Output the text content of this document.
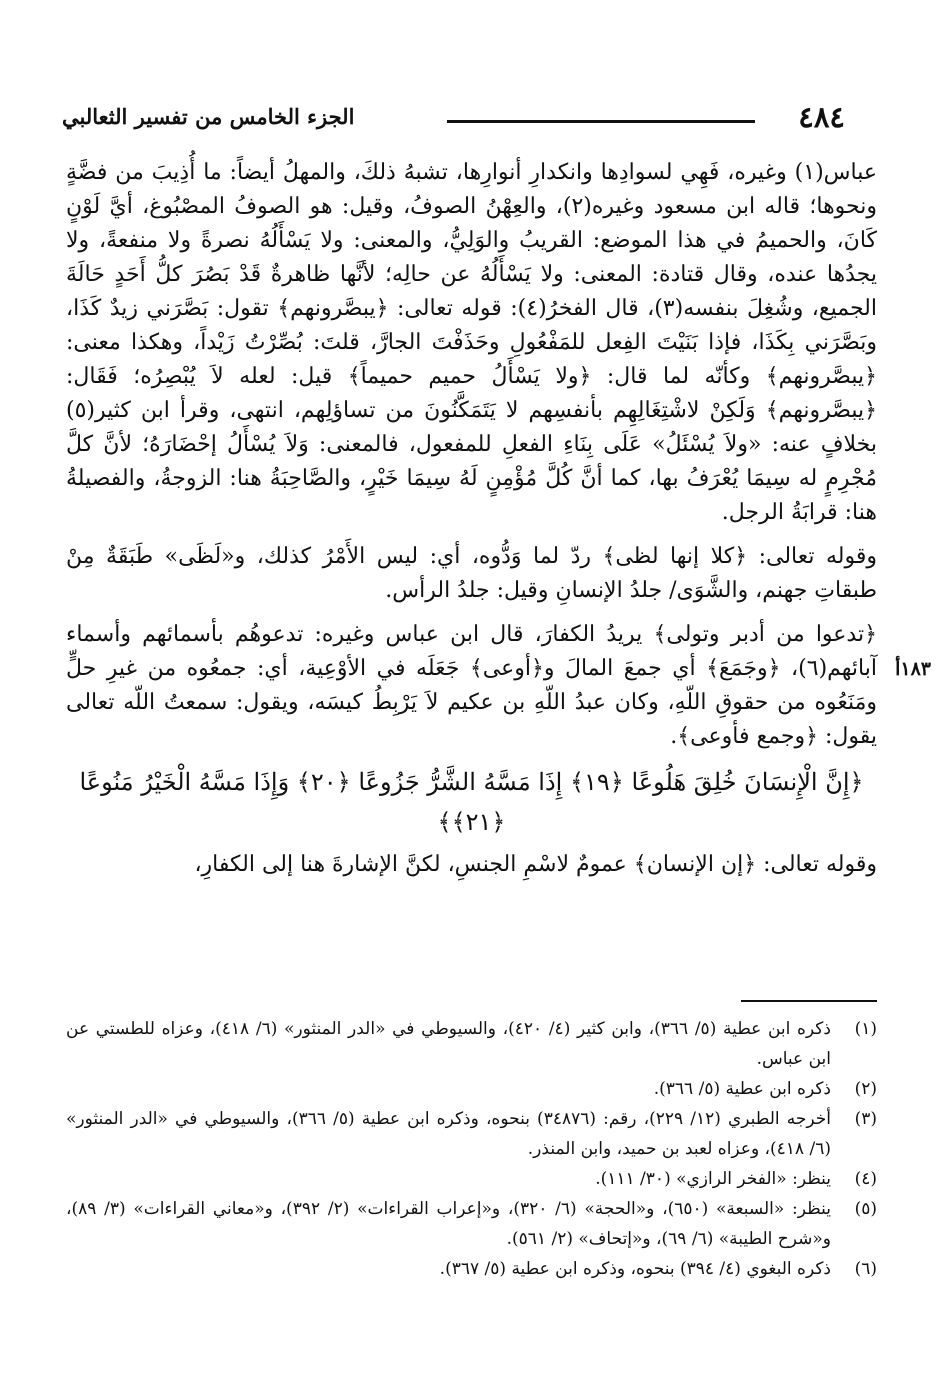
٤٨٤
الجزء الخامس من تفسير الثعالبي

عباس(١) وغيره، فَهِي لسوادِها وانكدارِ أنوارِها، تشبهُ ذلكَ، والمهلُ أيضاً: ما أُذِيبَ من فضَّةٍ ونحوها؛ قاله ابن مسعود وغيره(٢)، والعِهْنُ الصوفُ، وقيل: هو الصوفُ المصْبُوغ، أيَّ لَوْنٍ كَانَ، والحميمُ في هذا الموضع: القريبُ والوَلِيُّ، والمعنى: ولا يَسْأَلُهُ نصرةً ولا منفعةً، ولا يجدُها عنده، وقال قتادة: المعنى: ولا يَسْأَلُهُ عن حالِه؛ لأنَّها ظاهرةٌ قَدْ بَصُرَ كلُّ أَحَدٍ حَالَةَ الجميع، وشُغِلَ بنفسه(٣)، قال الفخرُ(٤): قوله تعالى: ﴿يبصَّرونهم﴾ تقول: بَصَّرَني زيدٌ كَذَا، وبَصَّرَني بِكَذَا، فإذا بَنَيْتَ الفِعل للمَفْعُولِ وحَذَفْتَ الجارَّ، قلتَ: بُصِّرْتُ زَيْداً، وهكذا معنى: ﴿يبصَّرونهم﴾ وكأنّه لما قال: ﴿ولا يَسْأَلُ حميم حميماً﴾ قيل: لعله لاَ يُبْصِرُه؛ فَقَال: ﴿يبصَّرونهم﴾ وَلَكِنْ لاشْتِغَالِهِم بأنفسِهم لا يَتَمَكَّنُونَ من تساؤلِهم، انتهى، وقرأ ابن كثير(٥) بخلافٍ عنه: «ولاَ يُسْئَلُ» عَلَى بِنَاءِ الفعلِ للمفعول، فالمعنى: وَلاَ يُسْأَلُ إحْضَارَهُ؛ لأنَّ كلَّ مُجْرِمٍ له سِيمَا يُعْرَفُ بها، كما أنَّ كُلَّ مُؤْمِنٍ لَهُ سِيمَا خَيْرٍ، والصَّاحِبَةُ هنا: الزوجةُ، والفصيلةُ هنا: قرابَةُ الرجل.

وقوله تعالى: ﴿كلا إنها لظى﴾ ردّ لما وَدُّوه، أي: ليس الأَمْرُ كذلك، و«لَظَى» طَبَقَةٌ مِنْ طبقاتِ جهنم، والشَّوَى/ جلدُ الإنسانِ وقيل: جلدُ الرأس.

﴿تدعوا من أدبر وتولى﴾ يريدُ الكفارَ، قال ابن عباس وغيره: تدعوهُم بأسمائهم وأسماء آبائهم(٦)، ﴿وجَمَعَ﴾ أي جمعَ المالَ و﴿أوعى﴾ جَعَلَه في الأوْعِية، أي: جمعُوه من غيرِ حلٍّ ومَنَعُوه من حقوقِ اللّهِ، وكان عبدُ اللّهِ بن عكيم لاَ يَرْبِطُ كيسَه، ويقول: سمعتُ اللّه تعالى يقول: ﴿وجمع فأوعى﴾.

﴿إِنَّ الْإِنسَانَ خُلِقَ هَلُوعًا ﴿١٩﴾ إِذَا مَسَّهُ الشَّرُّ جَزُوعًا ﴿٢٠﴾ وَإِذَا مَسَّهُ الْخَيْرُ مَنُوعًا ﴿٢١﴾﴾

وقوله تعالى: ﴿إن الإنسان﴾ عمومٌ لاسْمِ الجنسِ، لكنَّ الإشارةَ هنا إلى الكفارِ،

١٨٣أ
(١)
ذكره ابن عطية (٥/ ٣٦٦)، وابن كثير (٤/ ٤٢٠)، والسيوطي في «الدر المنثور» (٦/ ٤١٨)، وعزاه للطستي عن ابن عباس.
(٢)
ذكره ابن عطية (٥/ ٣٦٦).
(٣)
أخرجه الطبري (١٢/ ٢٢٩)، رقم: (٣٤٨٧٦) بنحوه، وذكره ابن عطية (٥/ ٣٦٦)، والسيوطي في «الدر المنثور» (٦/ ٤١٨)، وعزاه لعبد بن حميد، وابن المنذر.
(٤)
ينظر: «الفخر الرازي» (٣٠/ ١١١).
(٥)
ينظر: «السبعة» (٦٥٠)، و«الحجة» (٦/ ٣٢٠)، و«إعراب القراءات» (٢/ ٣٩٢)، و«معاني القراءات» (٣/ ٨٩)، و«شرح الطيبة» (٦/ ٦٩)، و«إتحاف» (٢/ ٥٦١).
(٦)
ذكره البغوي (٤/ ٣٩٤) بنحوه، وذكره ابن عطية (٥/ ٣٦٧).
